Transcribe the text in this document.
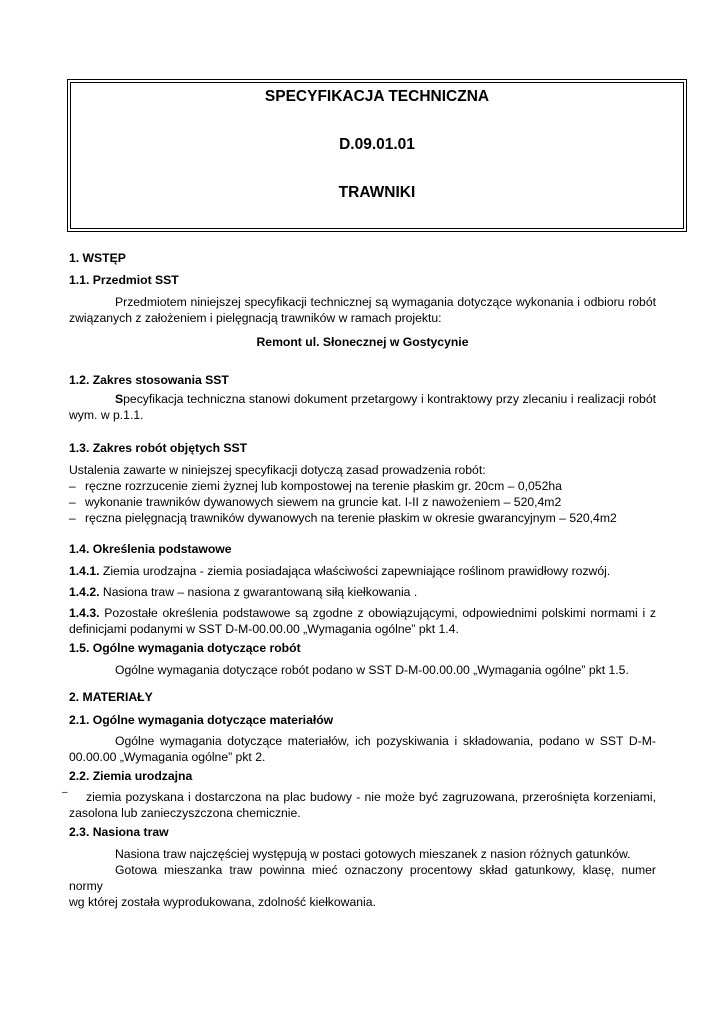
SPECYFIKACJA TECHNICZNA
D.09.01.01
TRAWNIKI
1. WSTĘP
1.1. Przedmiot SST
Przedmiotem niniejszej specyfikacji technicznej są wymagania dotyczące wykonania i odbioru robót
związanych z założeniem i pielęgnacją trawników w ramach projektu:
Remont ul. Słonecznej w Gostycynie
1.2. Zakres stosowania SST
Specyfikacja techniczna stanowi dokument przetargowy i kontraktowy przy zlecaniu i realizacji robót
wym. w p.1.1.
1.3. Zakres robót objętych SST
Ustalenia zawarte w niniejszej specyfikacji dotyczą zasad prowadzenia robót:
– ręczne rozrzucenie ziemi żyznej lub kompostowej na terenie płaskim gr. 20cm – 0,052ha
– wykonanie trawników dywanowych siewem na gruncie kat. I-II z nawożeniem – 520,4m2
– ręczna pielęgnacją trawników dywanowych na terenie płaskim w okresie gwarancyjnym – 520,4m2
1.4. Określenia podstawowe
1.4.1. Ziemia urodzajna - ziemia posiadająca właściwości zapewniające roślinom prawidłowy rozwój.
1.4.2. Nasiona traw – nasiona z gwarantowaną siłą kiełkowania .
1.4.3. Pozostałe określenia podstawowe są zgodne z obowiązującymi, odpowiednimi polskimi normami i z
definicjami podanymi w SST D-M-00.00.00 „Wymagania ogólne” pkt 1.4.
1.5. Ogólne wymagania dotyczące robót
Ogólne wymagania dotyczące robót podano w SST D-M-00.00.00 „Wymagania ogólne” pkt 1.5.
2. MATERIAŁY
2.1. Ogólne wymagania dotyczące materiałów
Ogólne wymagania dotyczące materiałów, ich pozyskiwania i składowania, podano w SST D-M-
00.00.00 „Wymagania ogólne” pkt 2.
2.2. Ziemia urodzajna
–	ziemia pozyskana i dostarczona na plac budowy - nie może być zagruzowana, przerośnięta korzeniami,
zasolona lub zanieczyszczona chemicznie.
2.3. Nasiona traw
Nasiona traw najczęściej występują w postaci gotowych mieszanek z nasion różnych gatunków.
Gotowa mieszanka traw powinna mieć oznaczony procentowy skład gatunkowy, klasę, numer normy
wg której została wyprodukowana, zdolność kiełkowania.
